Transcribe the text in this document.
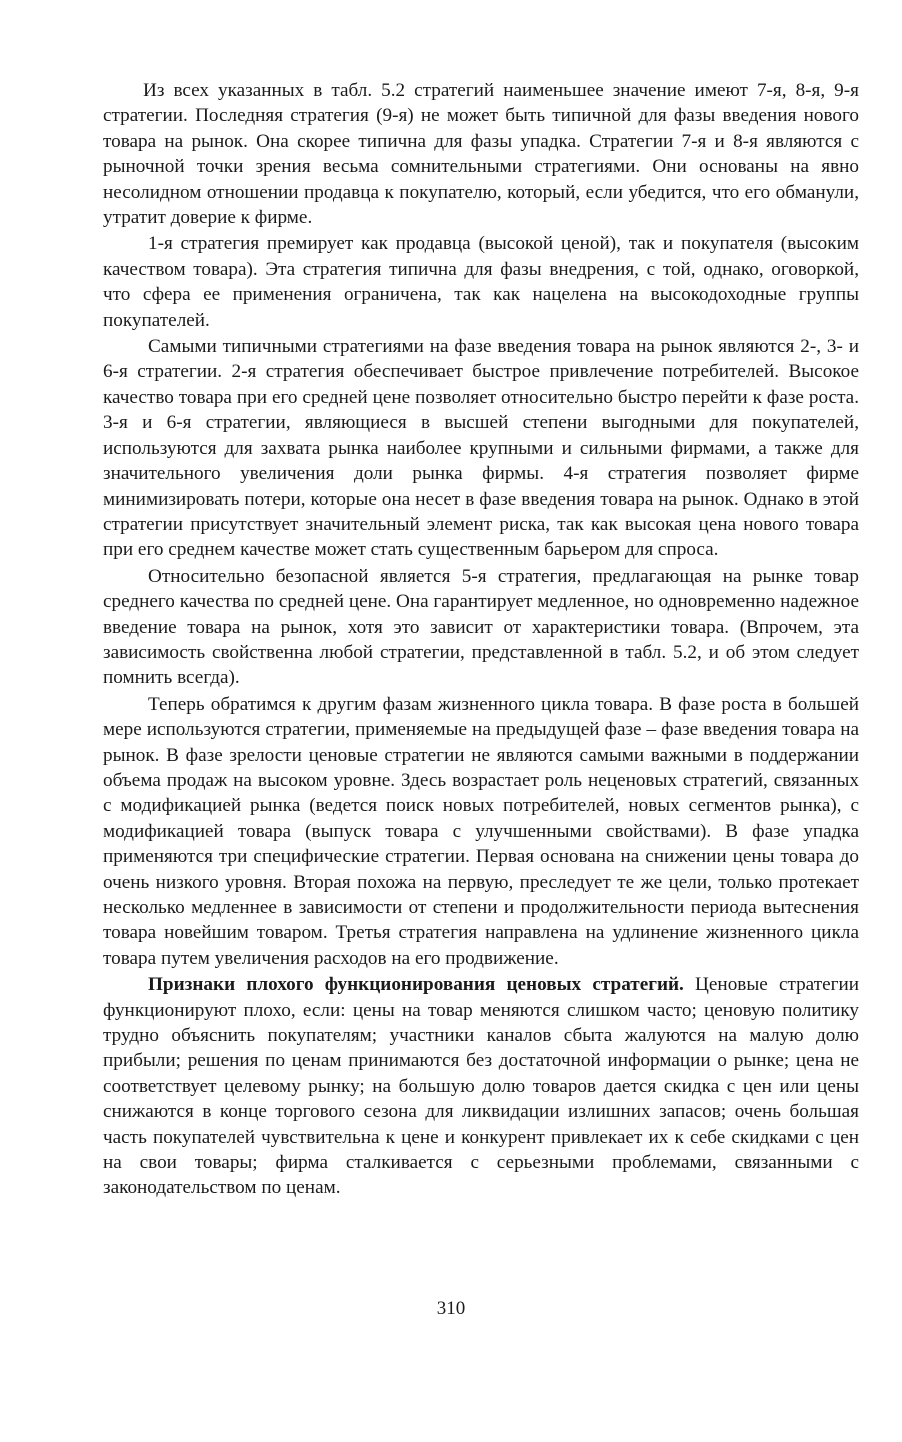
Из всех указанных в табл. 5.2 стратегий наименьшее значение имеют 7-я, 8-я, 9-я стратегии. Последняя стратегия (9-я) не может быть типичной для фазы введения нового товара на рынок. Она скорее типична для фазы упадка. Стратегии 7-я и 8-я являются с рыночной точки зрения весьма сомнительными стратегиями. Они основаны на явно несолидном отношении продавца к покупателю, который, если убедится, что его обманули, утратит доверие к фирме.

1-я стратегия премирует как продавца (высокой ценой), так и покупателя (высоким качеством товара). Эта стратегия типична для фазы внедрения, с той, однако, оговоркой, что сфера ее применения ограничена, так как нацелена на высокодоходные группы покупателей.

Самыми типичными стратегиями на фазе введения товара на рынок являются 2-, 3- и 6-я стратегии. 2-я стратегия обеспечивает быстрое привлечение потребителей. Высокое качество товара при его средней цене позволяет относительно быстро перейти к фазе роста. 3-я и 6-я стратегии, являющиеся в высшей степени выгодными для покупателей, используются для захвата рынка наиболее крупными и сильными фирмами, а также для значительного увеличения доли рынка фирмы. 4-я стратегия позволяет фирме минимизировать потери, которые она несет в фазе введения товара на рынок. Однако в этой стратегии присутствует значительный элемент риска, так как высокая цена нового товара при его среднем качестве может стать существенным барьером для спроса.

Относительно безопасной является 5-я стратегия, предлагающая на рынке товар среднего качества по средней цене. Она гарантирует медленное, но одновременно надежное введение товара на рынок, хотя это зависит от характеристики товара. (Впрочем, эта зависимость свойственна любой стратегии, представленной в табл. 5.2, и об этом следует помнить всегда).

Теперь обратимся к другим фазам жизненного цикла товара. В фазе роста в большей мере используются стратегии, применяемые на предыдущей фазе – фазе введения товара на рынок. В фазе зрелости ценовые стратегии не являются самыми важными в поддержании объема продаж на высоком уровне. Здесь возрастает роль неценовых стратегий, связанных с модификацией рынка (ведется поиск новых потребителей, новых сегментов рынка), с модификацией товара (выпуск товара с улучшенными свойствами). В фазе упадка применяются три специфические стратегии. Первая основана на снижении цены товара до очень низкого уровня. Вторая похожа на первую, преследует те же цели, только протекает несколько медленнее в зависимости от степени и продолжительности периода вытеснения товара новейшим товаром. Третья стратегия направлена на удлинение жизненного цикла товара путем увеличения расходов на его продвижение.

Признаки плохого функционирования ценовых стратегий. Ценовые стратегии функционируют плохо, если: цены на товар меняются слишком часто; ценовую политику трудно объяснить покупателям; участники каналов сбыта жалуются на малую долю прибыли; решения по ценам принимаются без достаточной информации о рынке; цена не соответствует целевому рынку; на большую долю товаров дается скидка с цен или цены снижаются в конце торгового сезона для ликвидации излишних запасов; очень большая часть покупателей чувствительна к цене и конкурент привлекает их к себе скидками с цен на свои товары; фирма сталкивается с серьезными проблемами, связанными с законодательством по ценам.

310
